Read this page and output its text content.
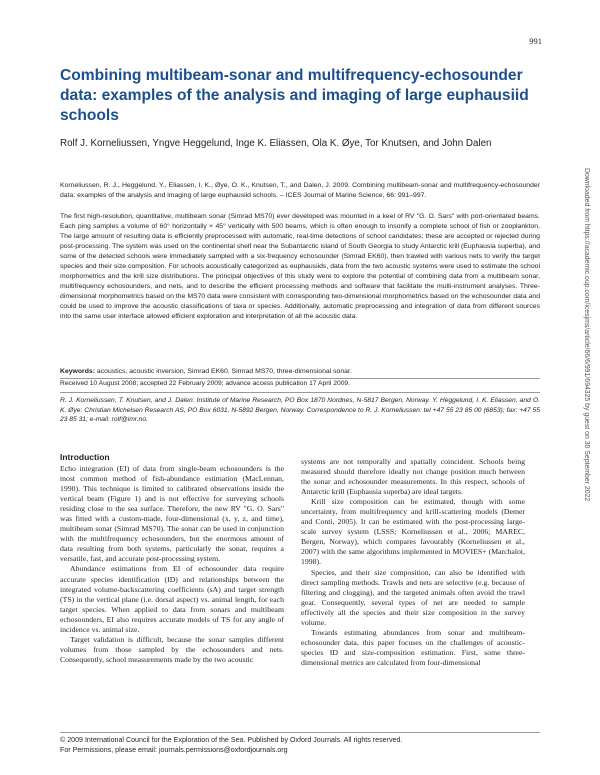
991
Combining multibeam-sonar and multifrequency-echosounder data: examples of the analysis and imaging of large euphausiid schools
Rolf J. Korneliussen, Yngve Heggelund, Inge K. Eliassen, Ola K. Øye, Tor Knutsen, and John Dalen

Korneliussen, R. J., Heggelund, Y., Eliassen, I. K., Øye, O. K., Knutsen, T., and Dalen, J. 2009. Combining multibeam-sonar and multifrequency-echosounder data: examples of the analysis and imaging of large euphausiid schools. – ICES Journal of Marine Science, 66: 991–997.

The first high-resolution, quantitative, multibeam sonar (Simrad MS70) ever developed was mounted in a keel of RV "G. O. Sars" with port-orientated beams. Each ping samples a volume of 60° horizontally × 45° vertically with 500 beams, which is often enough to insonify a complete school of fish or zooplankton. The large amount of resulting data is efficiently preprocessed with automatic, real-time detections of school candidates; these are accepted or rejected during post-processing. The system was used on the continental shelf near the Subantarctic island of South Georgia to study Antarctic krill (Euphausia superba), and some of the detected schools were immediately sampled with a six-frequency echosounder (Simrad EK60), then trawled with various nets to verify the target species and their size composition. For schools acoustically categorized as euphausiids, data from the two acoustic systems were used to estimate the school morphometrics and the krill size distributions. The principal objectives of this study were to explore the potential of combining data from a multibeam sonar, multifrequency echosounders, and nets, and to describe the efficient processing methods and software that facilitate the multi-instrument analyses. Three-dimensional morphometrics based on the MS70 data were consistent with corresponding two-dimensional morphometrics based on the echosounder data and could be used to improve the acoustic classifications of taxa or species. Additionally, automatic preprocessing and integration of data from different sources into the same user interface allowed efficient exploration and interpretation of all the acoustic data.

Keywords: acoustics, acoustic inversion, Simrad EK60, Simrad MS70, three-dimensional sonar.

Received 10 August 2008; accepted 22 February 2009; advance access publication 17 April 2009.

R. J. Korneliussen, T. Knutsen, and J. Dalen: Institute of Marine Research, PO Box 1870 Nordnes, N-5817 Bergen, Norway. Y. Heggelund, I. K. Eliassen, and O. K. Øye: Christian Michelsen Research AS, PO Box 6031, N-5892 Bergen, Norway. Correspondence to R. J. Korneliussen: tel +47 55 23 85 00 (6853); fax: +47 55 23 85 31; e-mail: rolf@imr.no.

Introduction

Echo integration (EI) of data from single-beam echosounders is the most common method of fish-abundance estimation (MacLennan, 1990). This technique is limited to calibrated observations inside the vertical beam (Figure 1) and is not effective for surveying schools residing close to the sea surface. Therefore, the new RV "G. O. Sars" was fitted with a custom-made, four-dimensional (x, y, z, and time), multibeam sonar (Simrad MS70). The sonar can be used in conjunction with the multifrequency echosounders, but the enormous amount of data resulting from both systems, particularly the sonar, requires a versatile, fast, and accurate post-processing system.

Abundance estimations from EI of echosounder data require accurate species identification (ID) and relationships between the integrated volume-backscattering coefficients (sA) and target strength (TS) in the vertical plane (i.e. dorsal aspect) vs. animal length, for each target species. When applied to data from sonars and multibeam echosounders, EI also requires accurate models of TS for any angle of incidence vs. animal size.

Target validation is difficult, because the sonar samples different volumes from those sampled by the echosounders and nets. Consequently, school measurements made by the two acoustic

systems are not temporally and spatially coincident. Schools being measured should therefore ideally not change position much between the sonar and echosounder measurements. In this respect, schools of Antarctic krill (Euphausia superba) are ideal targets.

Krill size composition can be estimated, though with some uncertainty, from multifrequency and krill-scattering models (Demer and Conti, 2005). It can be estimated with the post-processing large-scale survey system (LSSS; Korneliussen et al., 2006; MAREC, Bergen, Norway), which compares favourably (Korneliussen et al., 2007) with the same algorithms implemented in MOVIES+ (Marchalot, 1998).

Species, and their size composition, can also be identified with direct sampling methods. Trawls and nets are selective (e.g. because of filtering and clogging), and the targeted animals often avoid the trawl gear. Consequently, several types of net are needed to sample effectively all the species and their size composition in the survey volume.

Towards estimating abundances from sonar and multibeam-echosounder data, this paper focuses on the challenges of acoustic-species ID and size-composition estimation. First, some three-dimensional metrics are calculated from four-dimensional

© 2009 International Council for the Exploration of the Sea. Published by Oxford Journals. All rights reserved.
For Permissions, please email: journals.permissions@oxfordjournals.org
Downloaded from https://academic.oup.com/icesjms/article/66/6/991/694325 by guest on 30 September 2022
